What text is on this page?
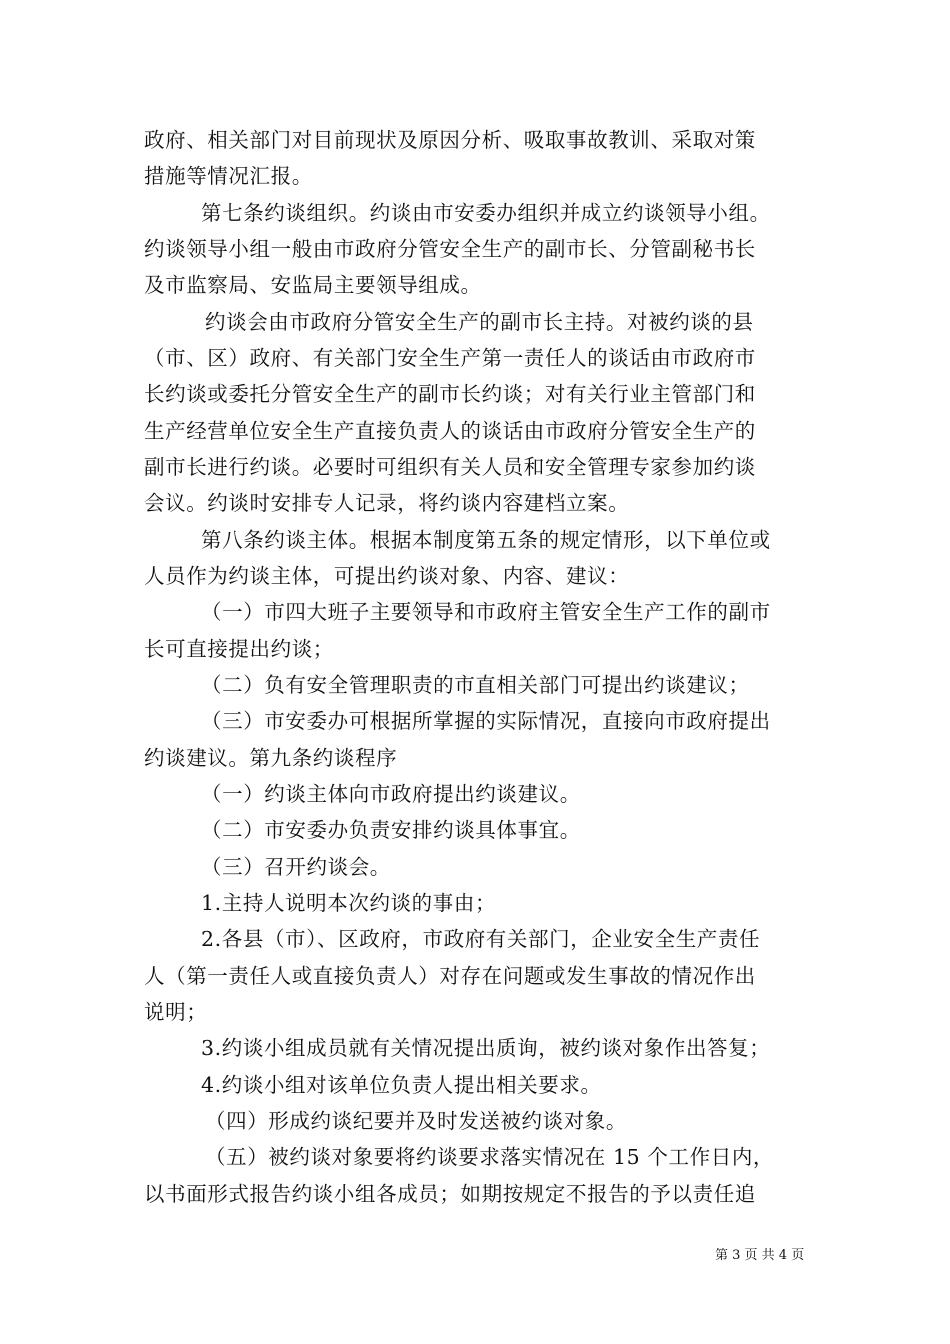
政府、相关部门对目前现状及原因分析、吸取事故教训、采取对策
措施等情况汇报。
第七条约谈组织。约谈由市安委办组织并成立约谈领导小组。
约谈领导小组一般由市政府分管安全生产的副市长、分管副秘书长
及市监察局、安监局主要领导组成。
约谈会由市政府分管安全生产的副市长主持。对被约谈的县
（市、区）政府、有关部门安全生产第一责任人的谈话由市政府市
长约谈或委托分管安全生产的副市长约谈；对有关行业主管部门和
生产经营单位安全生产直接负责人的谈话由市政府分管安全生产的
副市长进行约谈。必要时可组织有关人员和安全管理专家参加约谈
会议。约谈时安排专人记录，将约谈内容建档立案。
第八条约谈主体。根据本制度第五条的规定情形，以下单位或
人员作为约谈主体，可提出约谈对象、内容、建议：
（一）市四大班子主要领导和市政府主管安全生产工作的副市
长可直接提出约谈；
（二）负有安全管理职责的市直相关部门可提出约谈建议；
（三）市安委办可根据所掌握的实际情况，直接向市政府提出
约谈建议。第九条约谈程序
（一）约谈主体向市政府提出约谈建议。
（二）市安委办负责安排约谈具体事宜。
（三）召开约谈会。
1.主持人说明本次约谈的事由；
2.各县（市）、区政府，市政府有关部门，企业安全生产责任
人（第一责任人或直接负责人）对存在问题或发生事故的情况作出
说明；
3.约谈小组成员就有关情况提出质询，被约谈对象作出答复；
4.约谈小组对该单位负责人提出相关要求。
（四）形成约谈纪要并及时发送被约谈对象。
（五）被约谈对象要将约谈要求落实情况在 15 个工作日内，
以书面形式报告约谈小组各成员；如期按规定不报告的予以责任追
第 3 页 共 4 页
